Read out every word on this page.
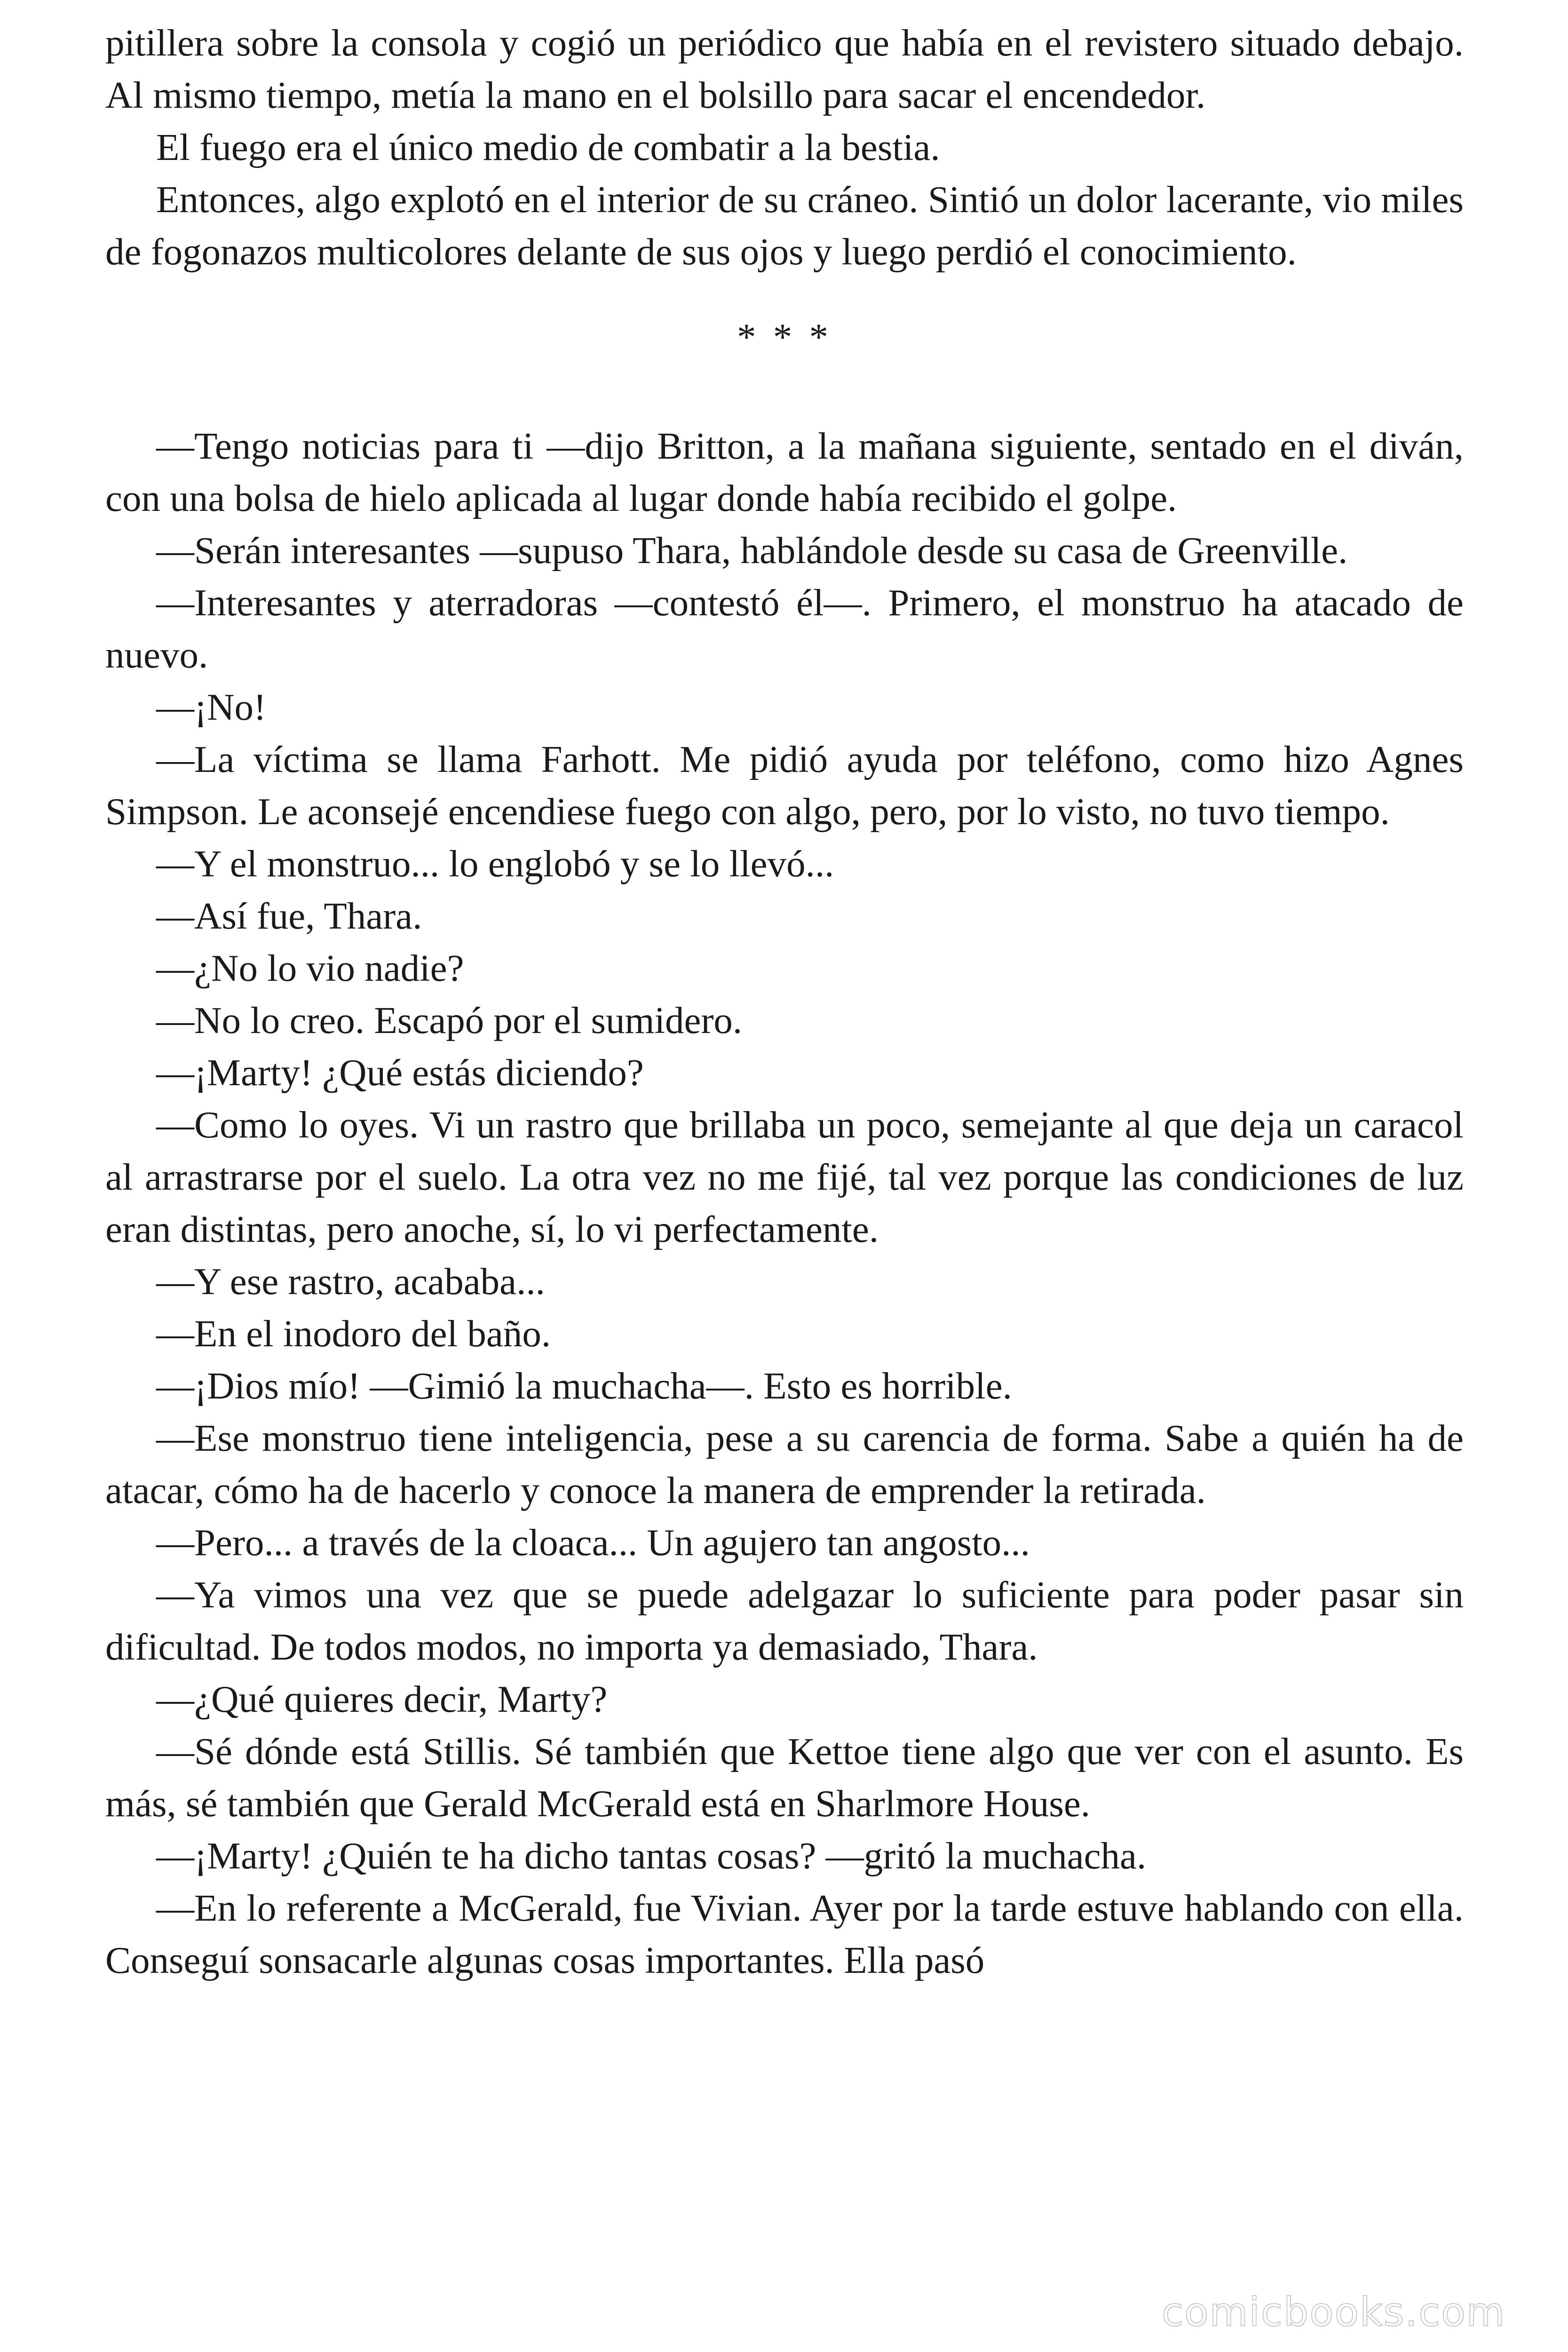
pitillera sobre la consola y cogió un periódico que había en el revistero situado debajo. Al mismo tiempo, metía la mano en el bolsillo para sacar el encendedor.

El fuego era el único medio de combatir a la bestia.

Entonces, algo explotó en el interior de su cráneo. Sintió un dolor lacerante, vio miles de fogonazos multicolores delante de sus ojos y luego perdió el conocimiento.

* * *

—Tengo noticias para ti —dijo Britton, a la mañana siguiente, sentado en el diván, con una bolsa de hielo aplicada al lugar donde había recibido el golpe.

—Serán interesantes —supuso Thara, hablándole desde su casa de Greenville.

—Interesantes y aterradoras —contestó él—. Primero, el monstruo ha atacado de nuevo.

—¡No!

—La víctima se llama Farhott. Me pidió ayuda por teléfono, como hizo Agnes Simpson. Le aconsejé encendiese fuego con algo, pero, por lo visto, no tuvo tiempo.

—Y el monstruo... lo englobó y se lo llevó...

—Así fue, Thara.

—¿No lo vio nadie?

—No lo creo. Escapó por el sumidero.

—¡Marty! ¿Qué estás diciendo?

—Como lo oyes. Vi un rastro que brillaba un poco, semejante al que deja un caracol al arrastrarse por el suelo. La otra vez no me fijé, tal vez porque las condiciones de luz eran distintas, pero anoche, sí, lo vi perfectamente.

—Y ese rastro, acababa...

—En el inodoro del baño.

—¡Dios mío! —Gimió la muchacha—. Esto es horrible.

—Ese monstruo tiene inteligencia, pese a su carencia de forma. Sabe a quién ha de atacar, cómo ha de hacerlo y conoce la manera de emprender la retirada.

—Pero... a través de la cloaca... Un agujero tan angosto...

—Ya vimos una vez que se puede adelgazar lo suficiente para poder pasar sin dificultad. De todos modos, no importa ya demasiado, Thara.

—¿Qué quieres decir, Marty?

—Sé dónde está Stillis. Sé también que Kettoe tiene algo que ver con el asunto. Es más, sé también que Gerald McGerald está en Sharlmore House.

—¡Marty! ¿Quién te ha dicho tantas cosas? —gritó la muchacha.

—En lo referente a McGerald, fue Vivian. Ayer por la tarde estuve hablando con ella. Conseguí sonsacarle algunas cosas importantes. Ella pasó

comicbooks.com
